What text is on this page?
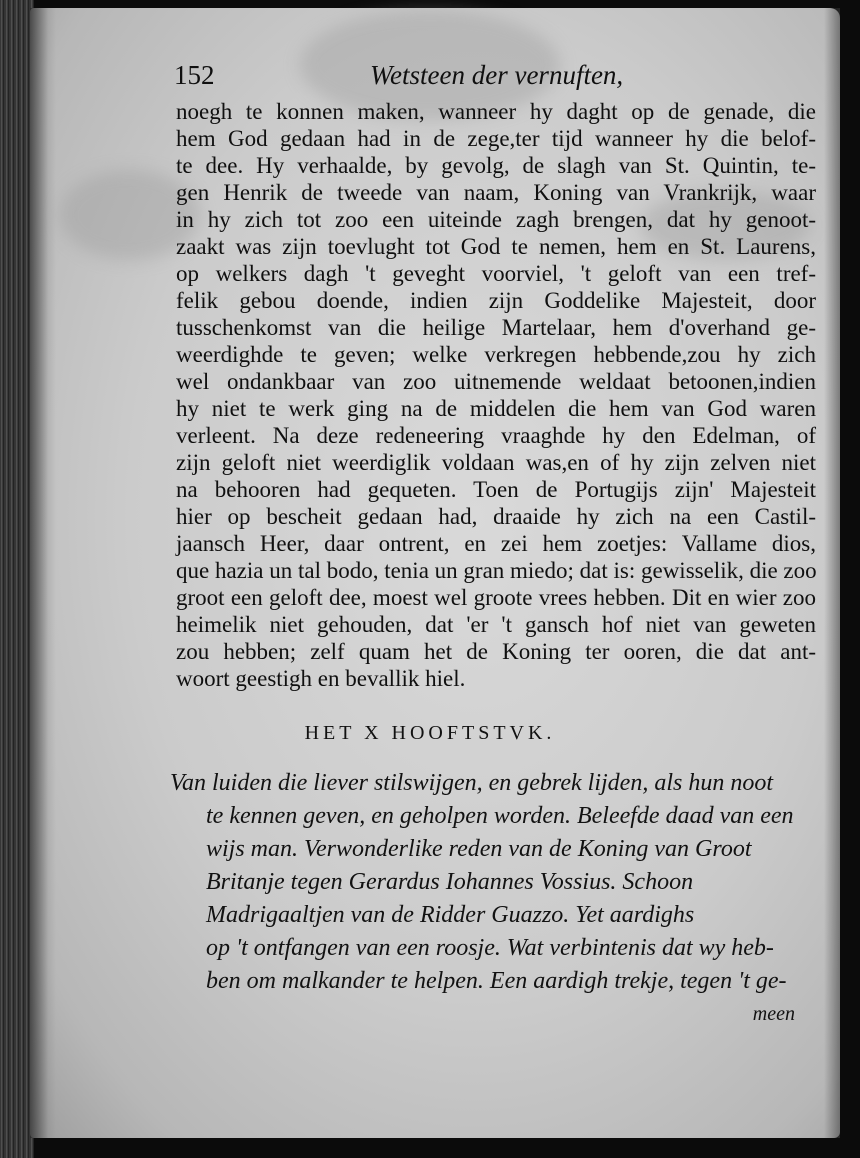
152	Wetsteen der vernuften,
noegh te konnen maken, wanneer hy daght op de genade, die
hem God gedaan had in de zege,ter tijd wanneer hy die belof-
te dee. Hy verhaalde, by gevolg, de slagh van St. Quintin, te-
gen Henrik de tweede van naam, Koning van Vrankrijk, waar
in hy zich tot zoo een uiteinde zagh brengen, dat hy genoot-
zaakt was zijn toevlught tot God te nemen, hem en St. Laurens,
op welkers dagh 't geveght voorviel, 't geloft van een tref-
felik gebou doende, indien zijn Goddelike Majesteit, door
tusschenkomst van die heilige Martelaar, hem d'overhand ge-
weerdighde te geven; welke verkregen hebbende,zou hy zich
wel ondankbaar van zoo uitnemende weldaat betoonen,indien
hy niet te werk ging na de middelen die hem van God waren
verleent. Na deze redeneering vraaghde hy den Edelman, of
zijn geloft niet weerdiglik voldaan was,en of hy zijn zelven niet
na behooren had gequeten. Toen de Portugijs zijn' Majesteit
hier op bescheit gedaan had, draaide hy zich na een Castil-
jaansch Heer, daar ontrent, en zei hem zoetjes: Vallame dios,
que hazia un tal bodo, tenia un gran miedo; dat is: gewisselik, die zoo
groot een geloft dee, moest wel groote vrees hebben. Dit en wier zoo
heimelik niet gehouden, dat 'er 't gansch hof niet van geweten
zou hebben; zelf quam het de Koning ter ooren, die dat ant-
woort geestigh en bevallik hiel.
HET X HOOFTSTVK.
Van luiden die liever stilswijgen, en gebrek lijden, als hun noot
te kennen geven, en geholpen worden. Beleefde daad van een
wijs man. Verwonderlike reden van de Koning van Groot
Britanje tegen Gerardus Iohannes Vossius. Schoon
Madrigaaltjen van de Ridder Guazzo. Yet aardighs
op 't ontfangen van een roosje. Wat verbintenis dat wy heb-
ben om malkander te helpen. Een aardigh trekje, tegen 't ge-
meen
